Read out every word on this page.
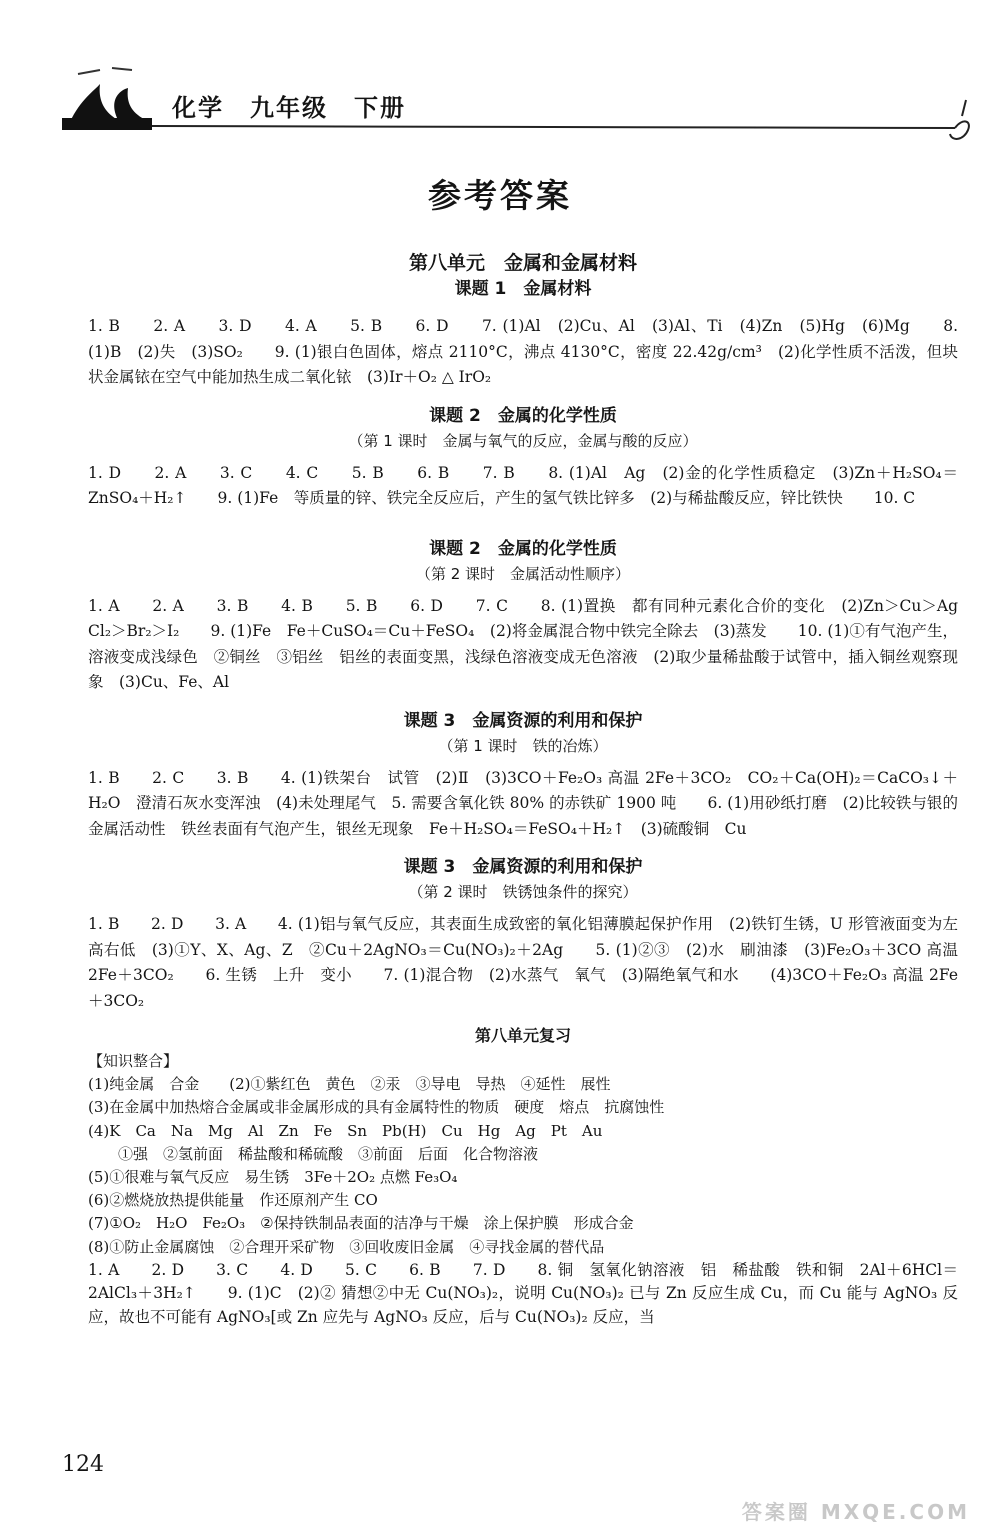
化学　九年级　下册
参考答案
第八单元　金属和金属材料
课题 1　金属材料
1. B　　2. A　　3. D　　4. A　　5. B　　6. D　　7. (1)Al　(2)Cu、Al　(3)Al、Ti　(4)Zn　(5)Hg　(6)Mg　　8. (1)B　(2)失　(3)SO₂　　9. (1)银白色固体，熔点 2110°C，沸点 4130°C，密度 22.42g/cm³　(2)化学性质不活泼，但块状金属铱在空气中能加热生成二氧化铱　(3)Ir＋O₂ △ IrO₂
课题 2　金属的化学性质
（第 1 课时　金属与氧气的反应，金属与酸的反应）
1. D　　2. A　　3. C　　4. C　　5. B　　6. B　　7. B　　8. (1)Al　Ag　(2)金的化学性质稳定　(3)Zn＋H₂SO₄＝ZnSO₄＋H₂↑　　9. (1)Fe　等质量的锌、铁完全反应后，产生的氢气铁比锌多　(2)与稀盐酸反应，锌比铁快　　10. C
课题 2　金属的化学性质
（第 2 课时　金属活动性顺序）
1. A　　2. A　　3. B　　4. B　　5. B　　6. D　　7. C　　8. (1)置换　都有同种元素化合价的变化　(2)Zn＞Cu＞Ag　Cl₂＞Br₂＞I₂　　9. (1)Fe　Fe＋CuSO₄＝Cu＋FeSO₄　(2)将金属混合物中铁完全除去　(3)蒸发　　10. (1)①有气泡产生，溶液变成浅绿色　②铜丝　③铝丝　铝丝的表面变黑，浅绿色溶液变成无色溶液　(2)取少量稀盐酸于试管中，插入铜丝观察现象　(3)Cu、Fe、Al
课题 3　金属资源的利用和保护
（第 1 课时　铁的冶炼）
1. B　　2. C　　3. B　　4. (1)铁架台　试管　(2)Ⅱ　(3)3CO＋Fe₂O₃ 高温 2Fe＋3CO₂　CO₂＋Ca(OH)₂＝CaCO₃↓＋H₂O　澄清石灰水变浑浊　(4)未处理尾气　5. 需要含氧化铁 80% 的赤铁矿 1900 吨　　6. (1)用砂纸打磨　(2)比较铁与银的金属活动性　铁丝表面有气泡产生，银丝无现象　Fe＋H₂SO₄＝FeSO₄＋H₂↑　(3)硫酸铜　Cu
课题 3　金属资源的利用和保护
（第 2 课时　铁锈蚀条件的探究）
1. B　　2. D　　3. A　　4. (1)铝与氧气反应，其表面生成致密的氧化铝薄膜起保护作用　(2)铁钉生锈，U 形管液面变为左高右低　(3)①Y、X、Ag、Z　②Cu＋2AgNO₃＝Cu(NO₃)₂＋2Ag　　5. (1)②③　(2)水　刷油漆　(3)Fe₂O₃＋3CO 高温 2Fe＋3CO₂　　6. 生锈　上升　变小　　7. (1)混合物　(2)水蒸气　氧气　(3)隔绝氧气和水　　(4)3CO＋Fe₂O₃ 高温 2Fe＋3CO₂
第八单元复习
【知识整合】
(1)纯金属　合金　　(2)①紫红色　黄色　②汞　③导电　导热　④延性　展性
(3)在金属中加热熔合金属或非金属形成的具有金属特性的物质　硬度　熔点　抗腐蚀性
(4)K　Ca　Na　Mg　Al　Zn　Fe　Sn　Pb(H)　Cu　Hg　Ag　Pt　Au
①强　②氢前面　稀盐酸和稀硫酸　③前面　后面　化合物溶液
(5)①很难与氧气反应　易生锈　3Fe＋2O₂ 点燃 Fe₃O₄
(6)②燃烧放热提供能量　作还原剂产生 CO
(7)①O₂　H₂O　Fe₂O₃　②保持铁制品表面的洁净与干燥　涂上保护膜　形成合金
(8)①防止金属腐蚀　②合理开采矿物　③回收废旧金属　④寻找金属的替代品
1. A　　2. D　　3. C　　4. D　　5. C　　6. B　　7. D　　8. 铜　氢氧化钠溶液　铝　稀盐酸　铁和铜　2Al＋6HCl＝2AlCl₃＋3H₂↑　　9. (1)C　(2)② 猜想②中无 Cu(NO₃)₂，说明 Cu(NO₃)₂ 已与 Zn 反应生成 Cu，而 Cu 能与 AgNO₃ 反应，故也不可能有 AgNO₃[或 Zn 应先与 AgNO₃ 反应，后与 Cu(NO₃)₂ 反应，当
124
答案圈 MXQE.COM
